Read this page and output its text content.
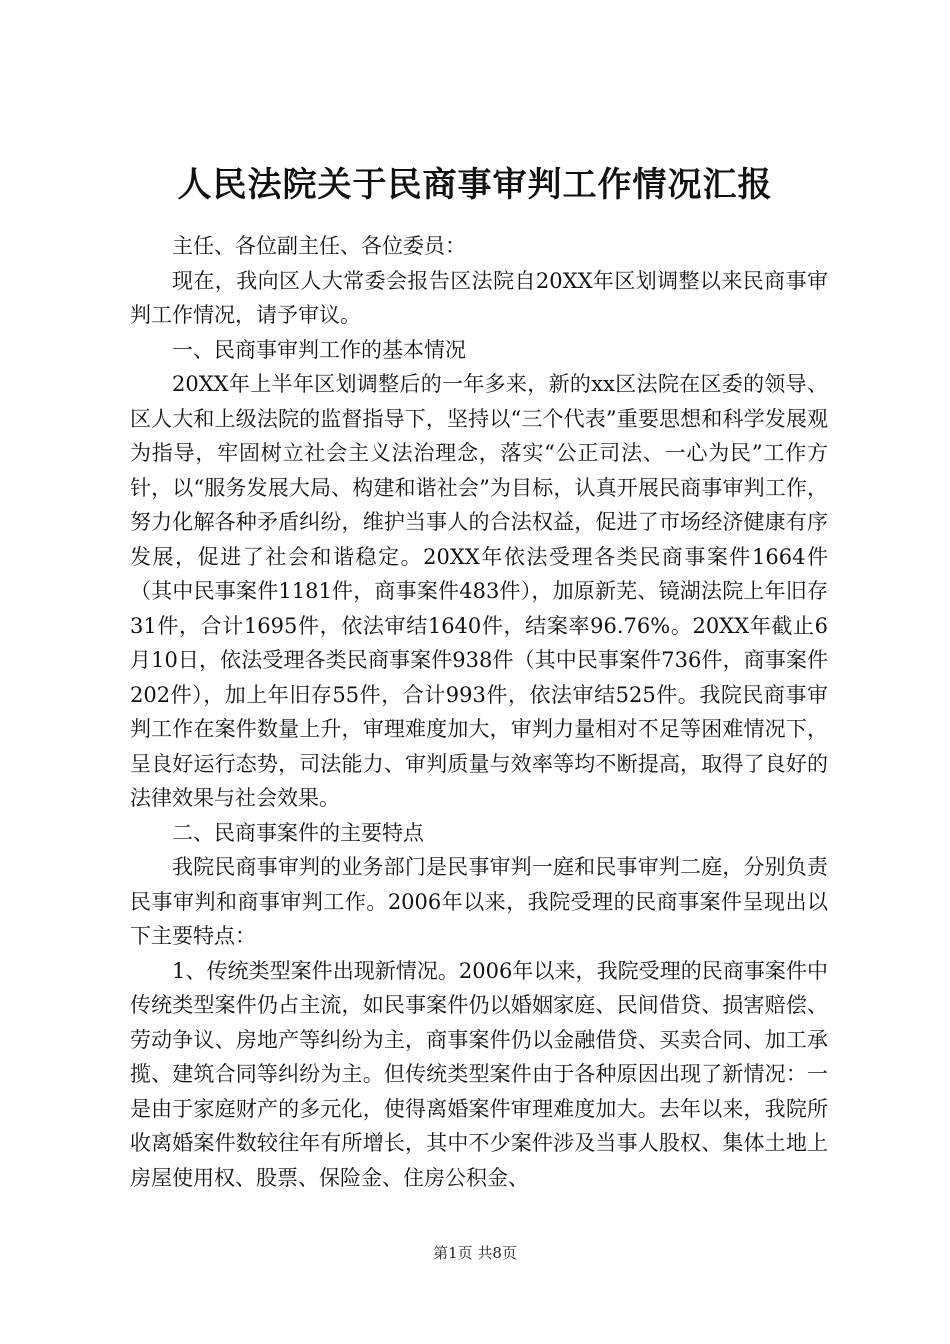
人民法院关于民商事审判工作情况汇报

主任、各位副主任、各位委员：

现在，我向区人大常委会报告区法院自20XX年区划调整以来民商事审判工作情况，请予审议。

一、民商事审判工作的基本情况

20XX年上半年区划调整后的一年多来，新的xx区法院在区委的领导、区人大和上级法院的监督指导下，坚持以“三个代表”重要思想和科学发展观为指导，牢固树立社会主义法治理念，落实“公正司法、一心为民”工作方针，以“服务发展大局、构建和谐社会”为目标，认真开展民商事审判工作，努力化解各种矛盾纠纷，维护当事人的合法权益，促进了市场经济健康有序发展，促进了社会和谐稳定。20XX年依法受理各类民商事案件1664件（其中民事案件1181件，商事案件483件），加原新芜、镜湖法院上年旧存31件，合计1695件，依法审结1640件，结案率96.76%。20XX年截止6月10日，依法受理各类民商事案件938件（其中民事案件736件，商事案件202件），加上年旧存55件，合计993件，依法审结525件。我院民商事审判工作在案件数量上升，审理难度加大，审判力量相对不足等困难情况下，呈良好运行态势，司法能力、审判质量与效率等均不断提高，取得了良好的法律效果与社会效果。

二、民商事案件的主要特点

我院民商事审判的业务部门是民事审判一庭和民事审判二庭，分别负责民事审判和商事审判工作。2006年以来，我院受理的民商事案件呈现出以下主要特点：

1、传统类型案件出现新情况。2006年以来，我院受理的民商事案件中传统类型案件仍占主流，如民事案件仍以婚姻家庭、民间借贷、损害赔偿、劳动争议、房地产等纠纷为主，商事案件仍以金融借贷、买卖合同、加工承揽、建筑合同等纠纷为主。但传统类型案件由于各种原因出现了新情况：一是由于家庭财产的多元化，使得离婚案件审理难度加大。去年以来，我院所收离婚案件数较往年有所增长，其中不少案件涉及当事人股权、集体土地上房屋使用权、股票、保险金、住房公积金、

第1页 共8页
